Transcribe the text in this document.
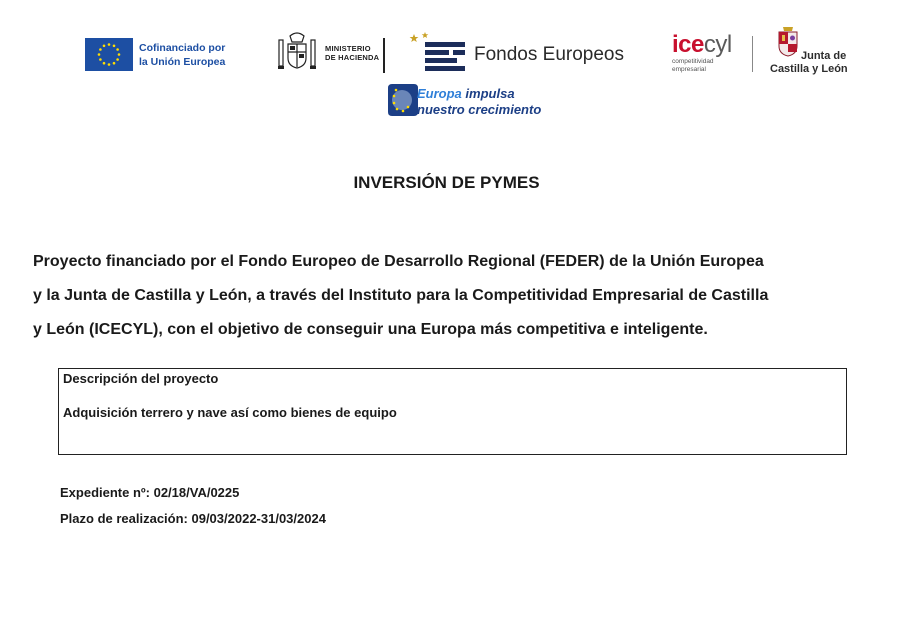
Cofinanciado por
la Unión Europea
MINISTERIO
DE HACIENDA	Fondos Europeos
Europa impulsa
nuestro crecimiento
icecyl
competitividad
empresarial
Junta de
Castilla y León
INVERSIÓN DE PYMES
Proyecto financiado por el Fondo Europeo de Desarrollo Regional (FEDER) de la Unión Europea
y la Junta de Castilla y León, a través del Instituto para la Competitividad Empresarial de Castilla
y León (ICECYL), con el objetivo de conseguir una Europa más competitiva e inteligente.
Descripción del proyecto
Adquisición terrero y nave así como bienes de equipo
Expediente nº: 02/18/VA/0225
Plazo de realización: 09/03/2022-31/03/2024
